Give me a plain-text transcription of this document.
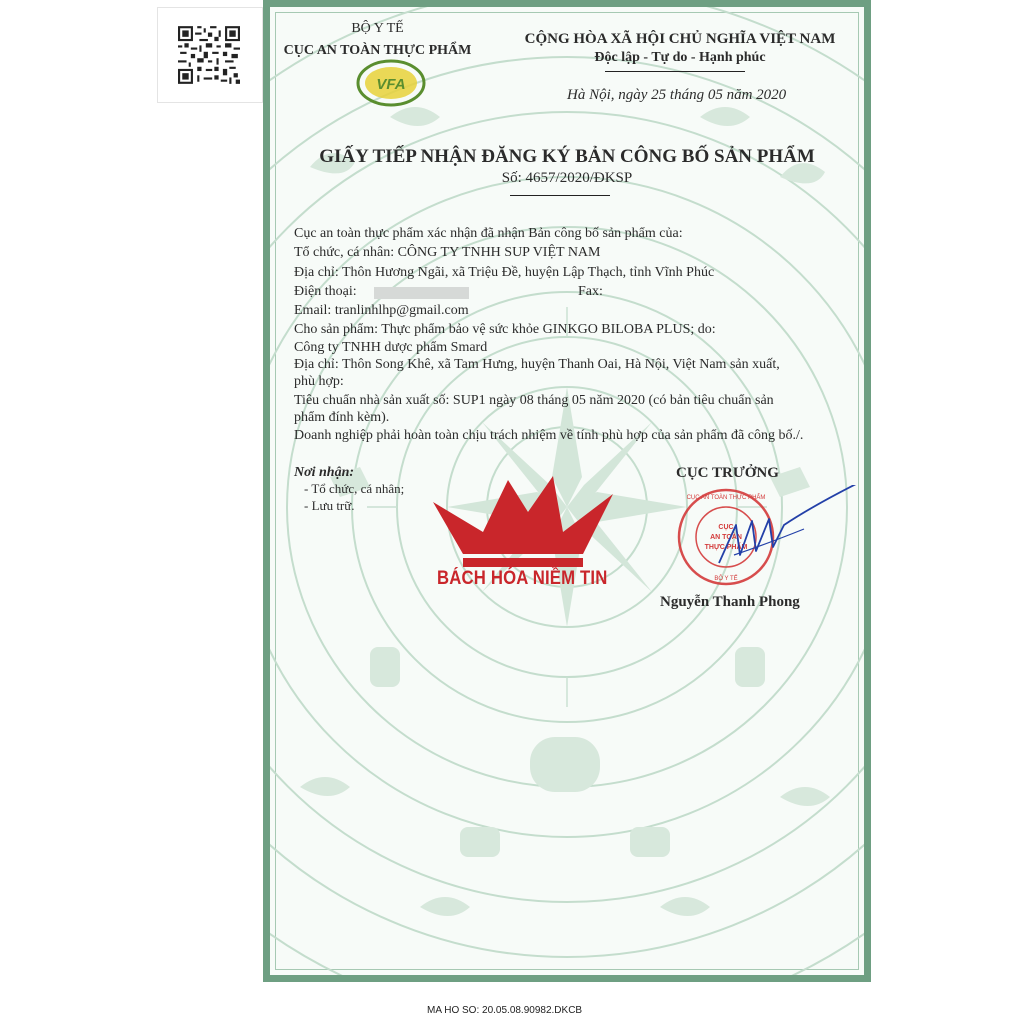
BỘ Y TẾ
CỤC AN TOÀN THỰC PHẨM
VFA
CỘNG HÒA XÃ HỘI CHỦ NGHĨA VIỆT NAM
Độc lập - Tự do - Hạnh phúc
Hà Nội, ngày 25 tháng 05 năm 2020
GIẤY TIẾP NHẬN ĐĂNG KÝ BẢN CÔNG BỐ SẢN PHẨM
Số: 4657/2020/ĐKSP
Cục an toàn thực phẩm xác nhận đã nhận Bản công bố sản phẩm của:
Tổ chức, cá nhân: CÔNG TY TNHH SUP VIỆT NAM
Địa chỉ: Thôn Hương Ngãi, xã Triệu Đề, huyện Lập Thạch, tỉnh Vĩnh Phúc
Điện thoại:	Fax:
Email: tranlinhlhp@gmail.com
Cho sản phẩm: Thực phẩm bảo vệ sức khỏe GINKGO BILOBA PLUS; do:
Công ty TNHH dược phẩm Smard
Địa chỉ: Thôn Song Khê, xã Tam Hưng, huyện Thanh Oai, Hà Nội, Việt Nam sản xuất,
phù hợp:
Tiêu chuẩn nhà sản xuất số: SUP1 ngày 08 tháng 05 năm 2020 (có bản tiêu chuẩn sản
phẩm đính kèm).
Doanh nghiệp phải hoàn toàn chịu trách nhiệm về tính phù hợp của sản phẩm đã công bố./.
Nơi nhận:
- Tổ chức, cá nhân;
- Lưu trữ.
CỤC TRƯỞNG
CỤC
AN TOÀN
THỰC PHẨM
CỤC AN TOÀN THỰC PHẨM
BỘ Y TẾ
Nguyễn Thanh Phong
BÁCH HÓA NIỀM TIN
MA HO SO: 20.05.08.90982.DKCB
